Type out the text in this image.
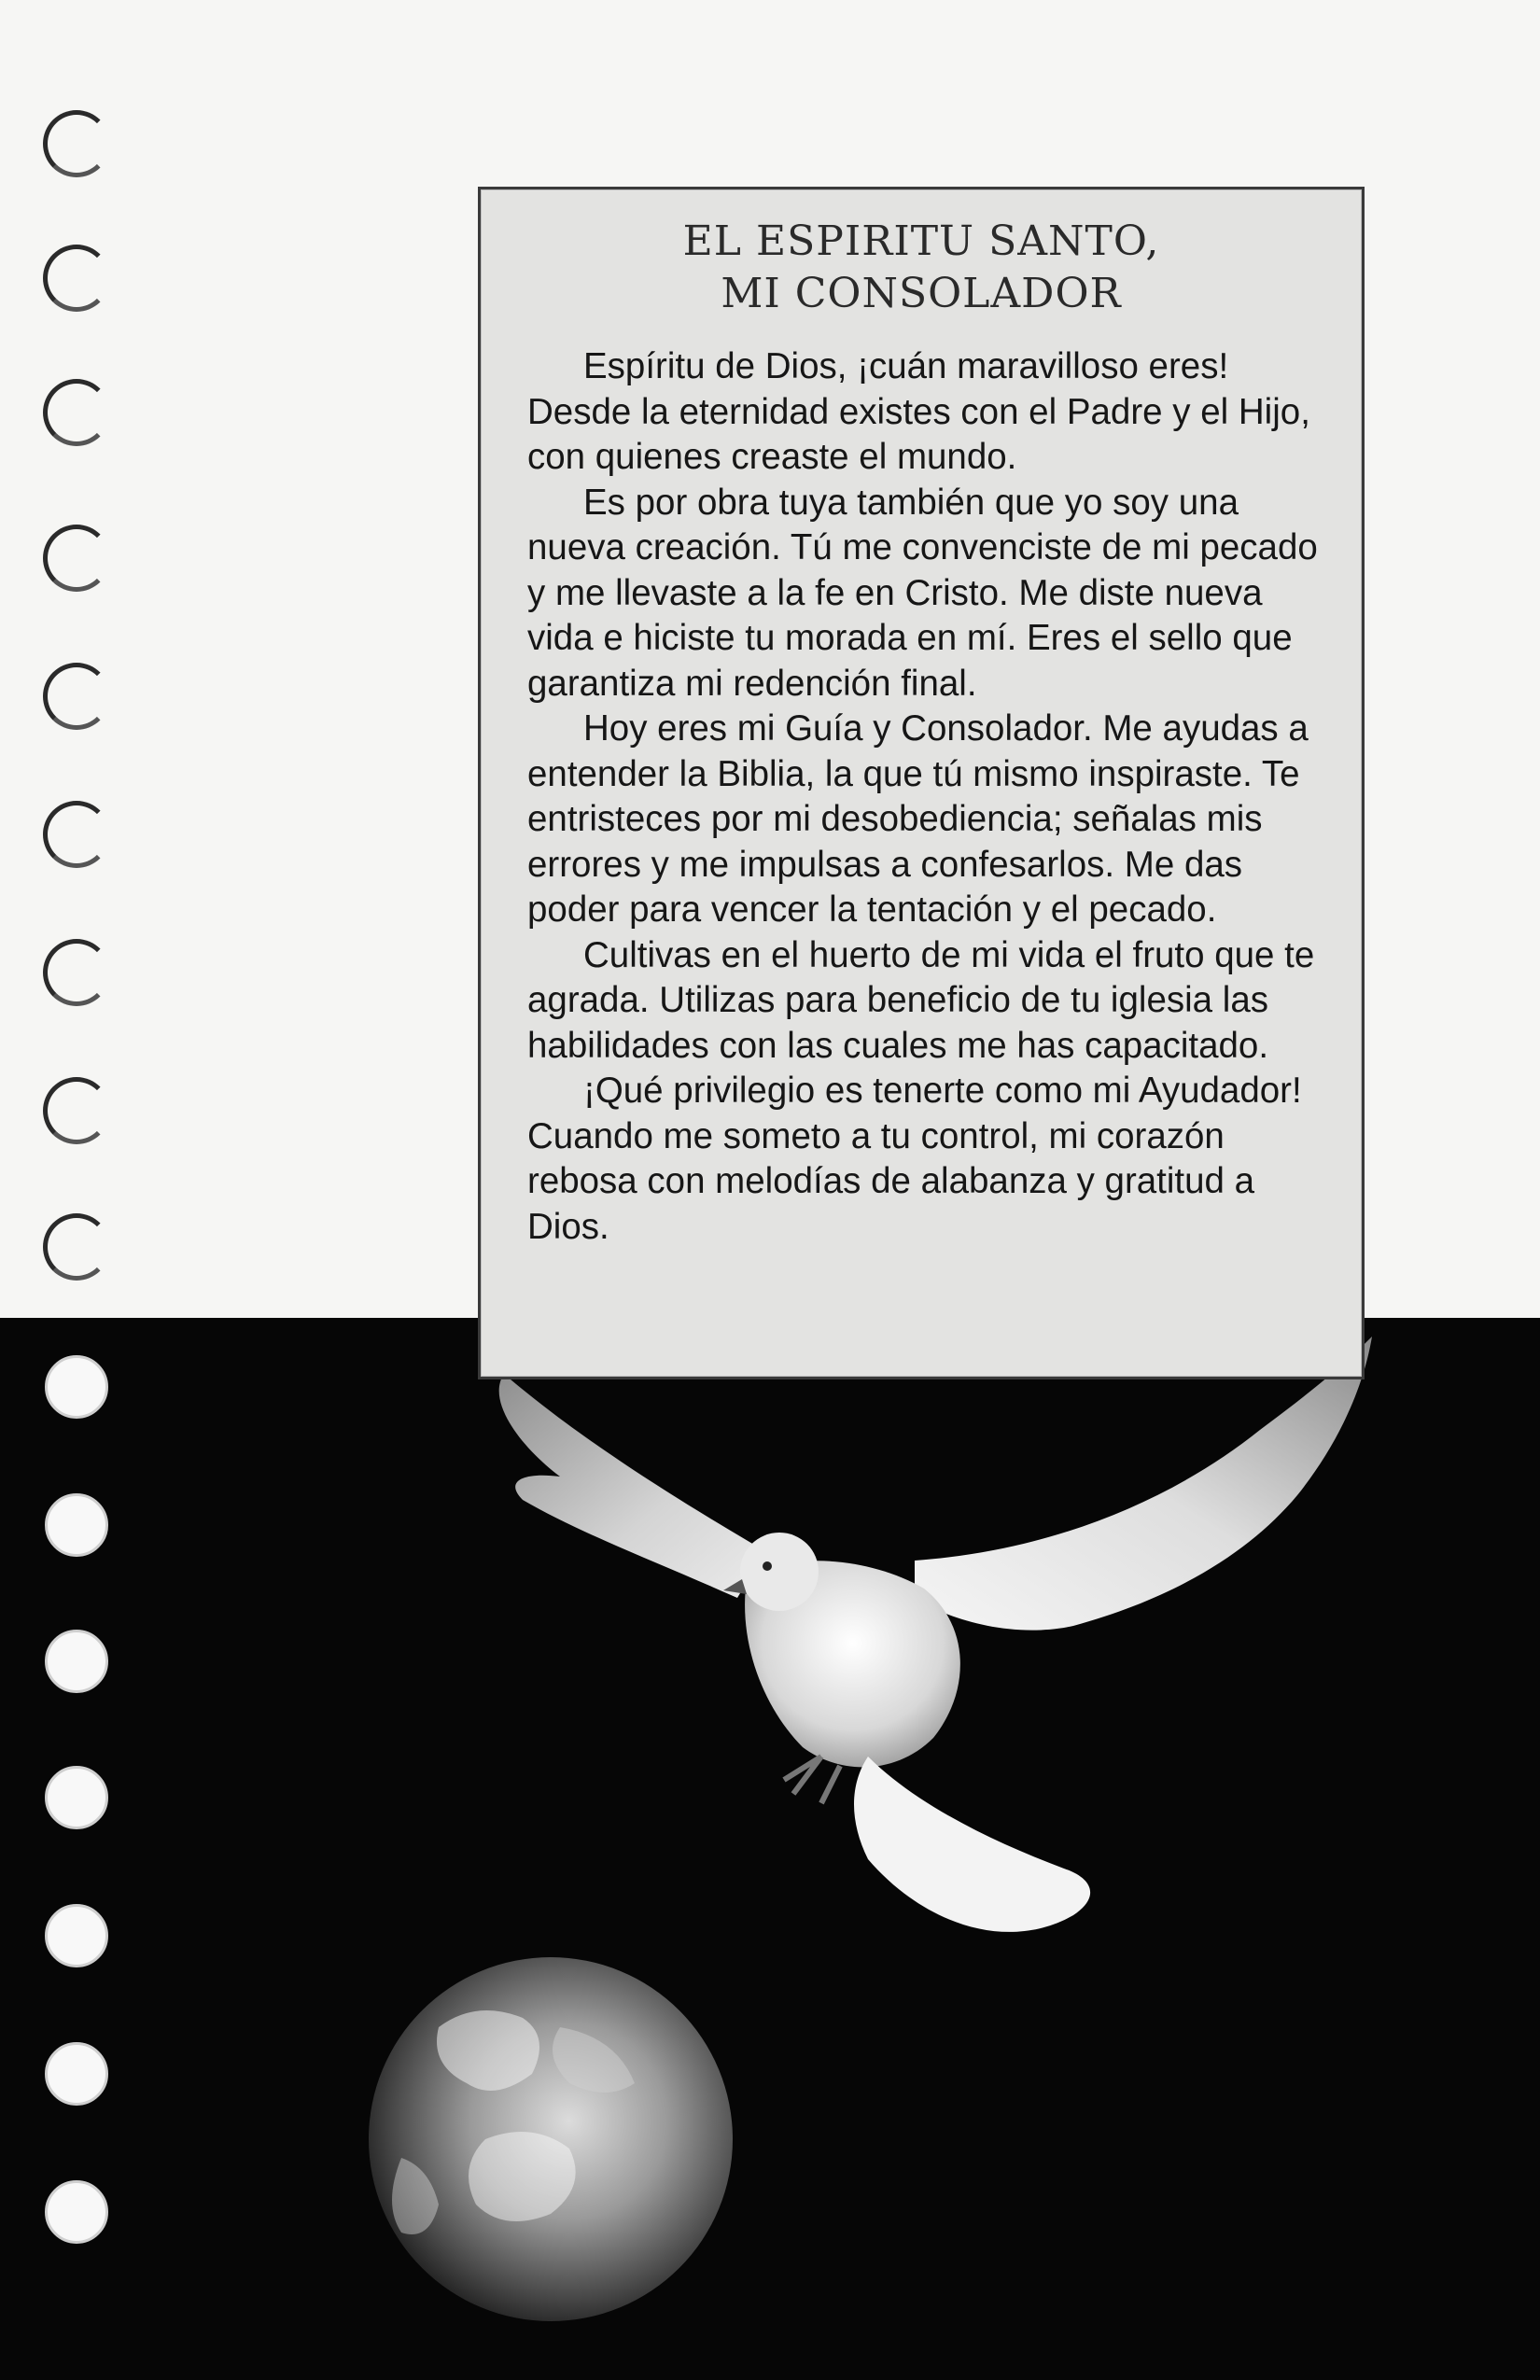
EL ESPIRITU SANTO,
MI CONSOLADOR

Espíritu de Dios, ¡cuán maravilloso eres! Desde la eternidad existes con el Padre y el Hijo, con quienes creaste el mundo.

Es por obra tuya también que yo soy una nueva creación. Tú me convenciste de mi pecado y me llevaste a la fe en Cristo. Me diste nueva vida e hiciste tu morada en mí. Eres el sello que garantiza mi redención final.

Hoy eres mi Guía y Consolador. Me ayudas a entender la Biblia, la que tú mismo inspiraste. Te entristeces por mi desobediencia; señalas mis errores y me impulsas a confesarlos. Me das poder para vencer la tentación y el pecado.

Cultivas en el huerto de mi vida el fruto que te agrada. Utilizas para beneficio de tu iglesia las habilidades con las cuales me has capacitado.

¡Qué privilegio es tenerte como mi Ayudador! Cuando me someto a tu control, mi corazón rebosa con melodías de alabanza y gratitud a Dios.
